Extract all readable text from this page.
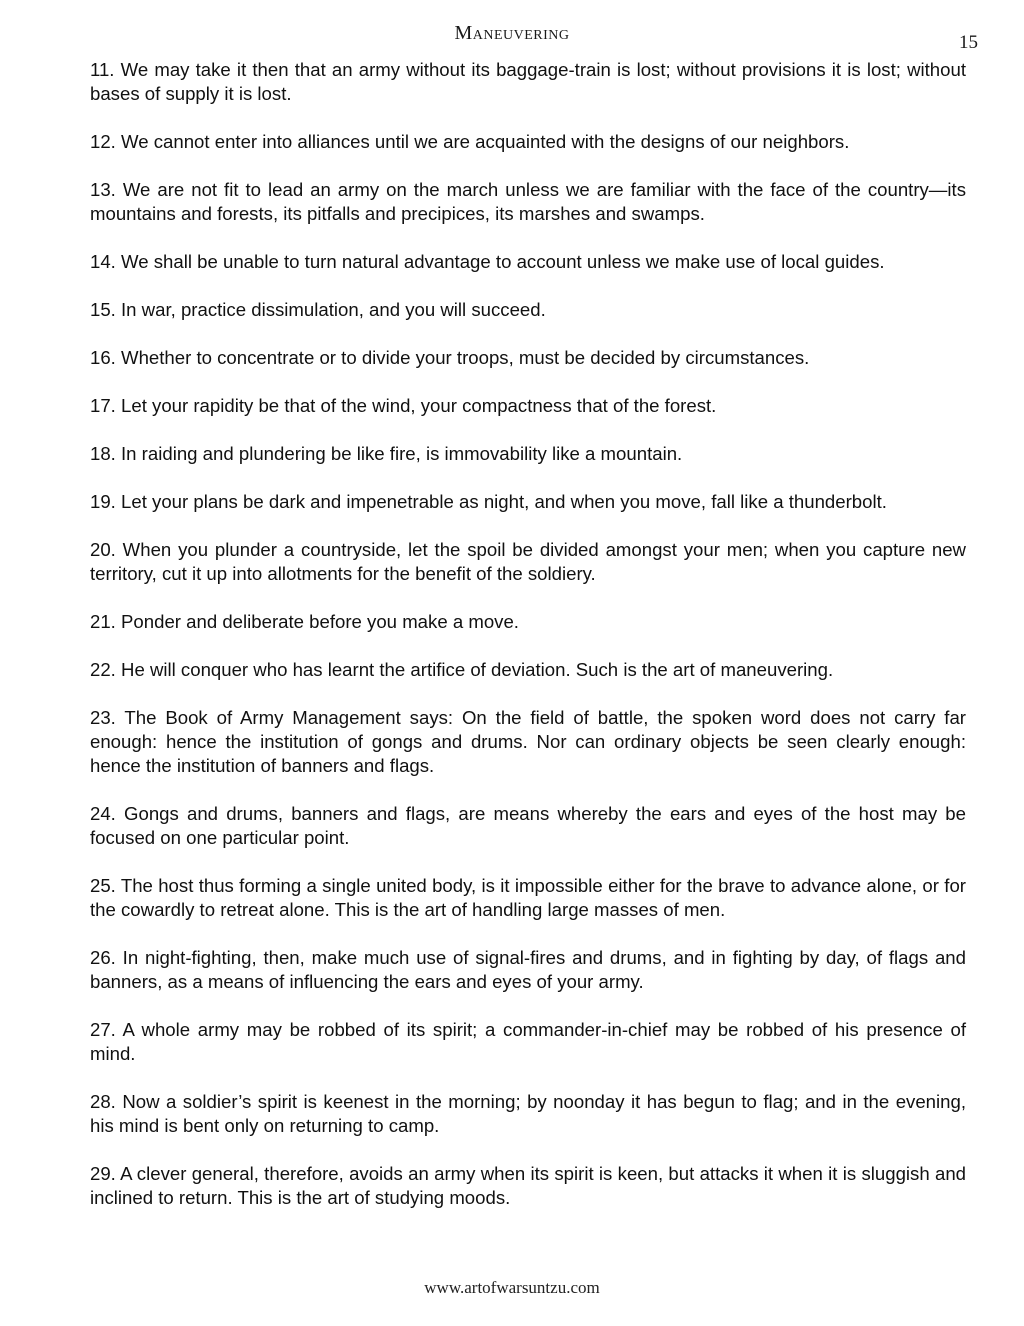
Maneuvering	15

11. We may take it then that an army without its baggage-train is lost; without provisions it is lost; without bases of supply it is lost.

12. We cannot enter into alliances until we are acquainted with the designs of our neighbors.

13. We are not fit to lead an army on the march unless we are familiar with the face of the country—its mountains and forests, its pitfalls and precipices, its marshes and swamps.

14. We shall be unable to turn natural advantage to account unless we make use of local guides.

15. In war, practice dissimulation, and you will succeed.

16. Whether to concentrate or to divide your troops, must be decided by circumstances.

17. Let your rapidity be that of the wind, your compactness that of the forest.

18. In raiding and plundering be like fire, is immovability like a mountain.

19. Let your plans be dark and impenetrable as night, and when you move, fall like a thunderbolt.

20. When you plunder a countryside, let the spoil be divided amongst your men; when you capture new territory, cut it up into allotments for the benefit of the soldiery.

21. Ponder and deliberate before you make a move.

22. He will conquer who has learnt the artifice of deviation. Such is the art of maneuvering.

23. The Book of Army Management says: On the field of battle, the spoken word does not carry far enough: hence the institution of gongs and drums. Nor can ordinary objects be seen clearly enough: hence the institution of banners and flags.

24. Gongs and drums, banners and flags, are means whereby the ears and eyes of the host may be focused on one particular point.

25. The host thus forming a single united body, is it impossible either for the brave to advance alone, or for the cowardly to retreat alone. This is the art of handling large masses of men.

26. In night-fighting, then, make much use of signal-fires and drums, and in fighting by day, of flags and banners, as a means of influencing the ears and eyes of your army.

27. A whole army may be robbed of its spirit; a commander-in-chief may be robbed of his presence of mind.

28. Now a soldier’s spirit is keenest in the morning; by noonday it has begun to flag; and in the evening, his mind is bent only on returning to camp.

29. A clever general, therefore, avoids an army when its spirit is keen, but attacks it when it is sluggish and inclined to return. This is the art of studying moods.

www.artofwarsuntzu.com
